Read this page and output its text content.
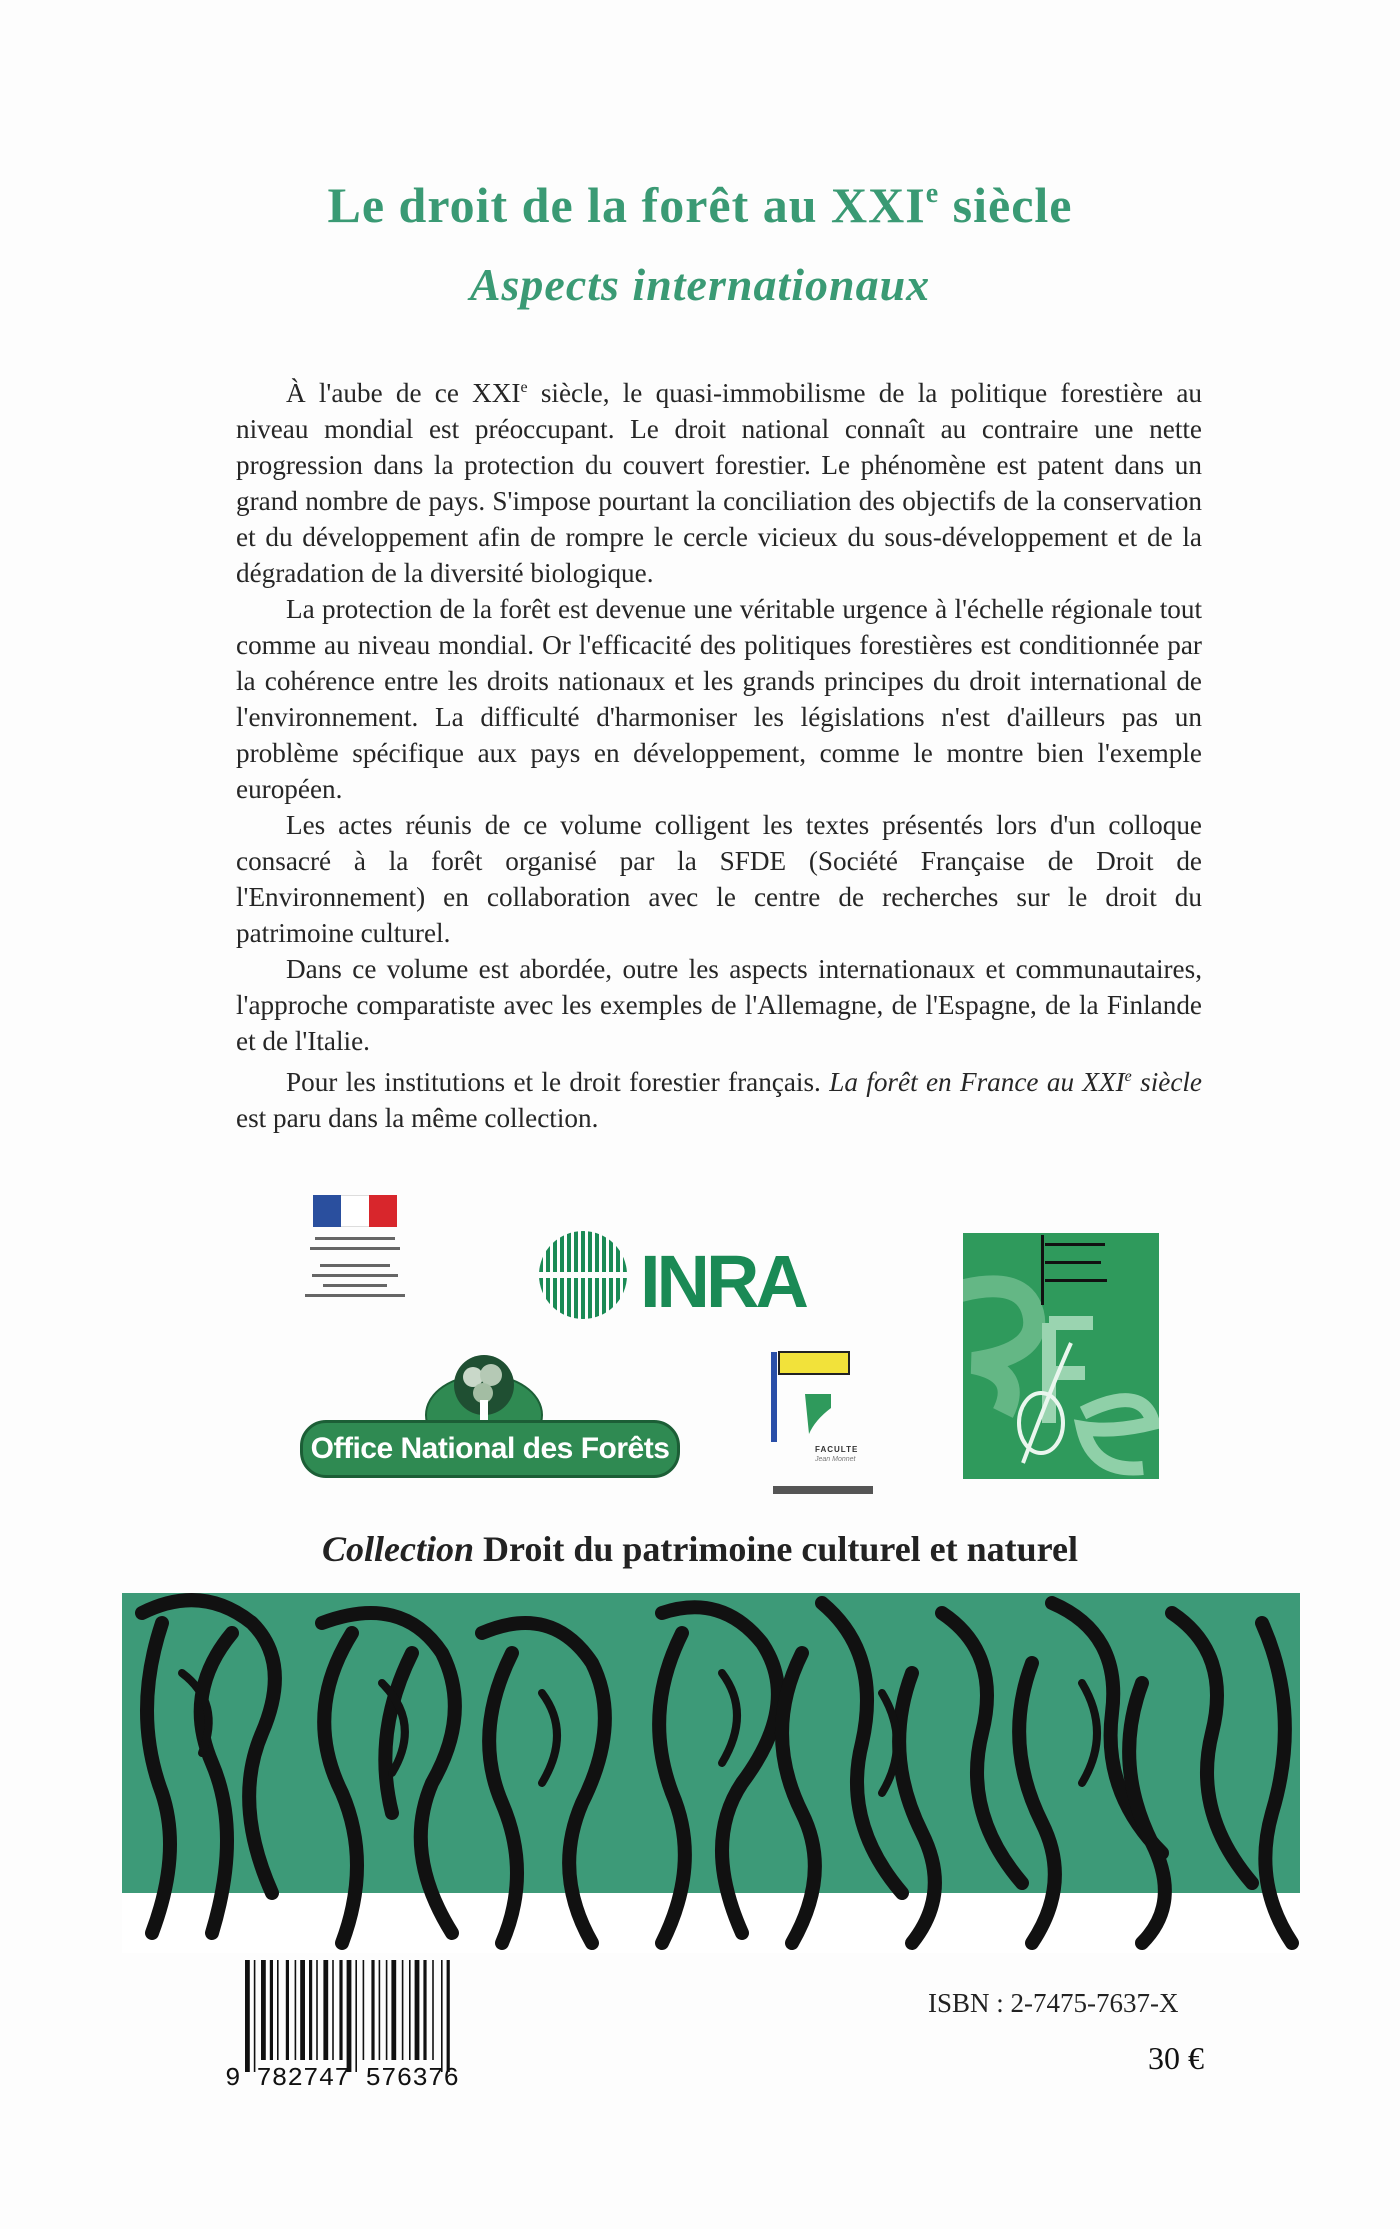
Le droit de la forêt au XXIe siècle
Aspects internationaux

À l'aube de ce XXIe siècle, le quasi-immobilisme de la politique forestière au niveau mondial est préoccupant. Le droit national connaît au contraire une nette progression dans la protection du couvert forestier. Le phénomène est patent dans un grand nombre de pays. S'impose pourtant la conciliation des objectifs de la conservation et du développement afin de rompre le cercle vicieux du sous-développement et de la dégradation de la diversité biologique.

La protection de la forêt est devenue une véritable urgence à l'échelle régionale tout comme au niveau mondial. Or l'efficacité des politiques forestières est conditionnée par la cohérence entre les droits nationaux et les grands principes du droit international de l'environnement. La difficulté d'harmoniser les législations n'est d'ailleurs pas un problème spécifique aux pays en développement, comme le montre bien l'exemple européen.

Les actes réunis de ce volume colligent les textes présentés lors d'un colloque consacré à la forêt organisé par la SFDE (Société Française de Droit de l'Environnement) en collaboration avec le centre de recherches sur le droit du patrimoine culturel.

Dans ce volume est abordée, outre les aspects internationaux et communautaires, l'approche comparatiste avec les exemples de l'Allemagne, de l'Espagne, de la Finlande et de l'Italie.

Pour les institutions et le droit forestier français. La forêt en France au XXIe siècle est paru dans la même collection.

INRA
Office National des Forêts	FACULTE
Jean Monnet
Collection Droit du patrimoine culturel et naturel
9 782747 576376
ISBN : 2-7475-7637-X
30 €
